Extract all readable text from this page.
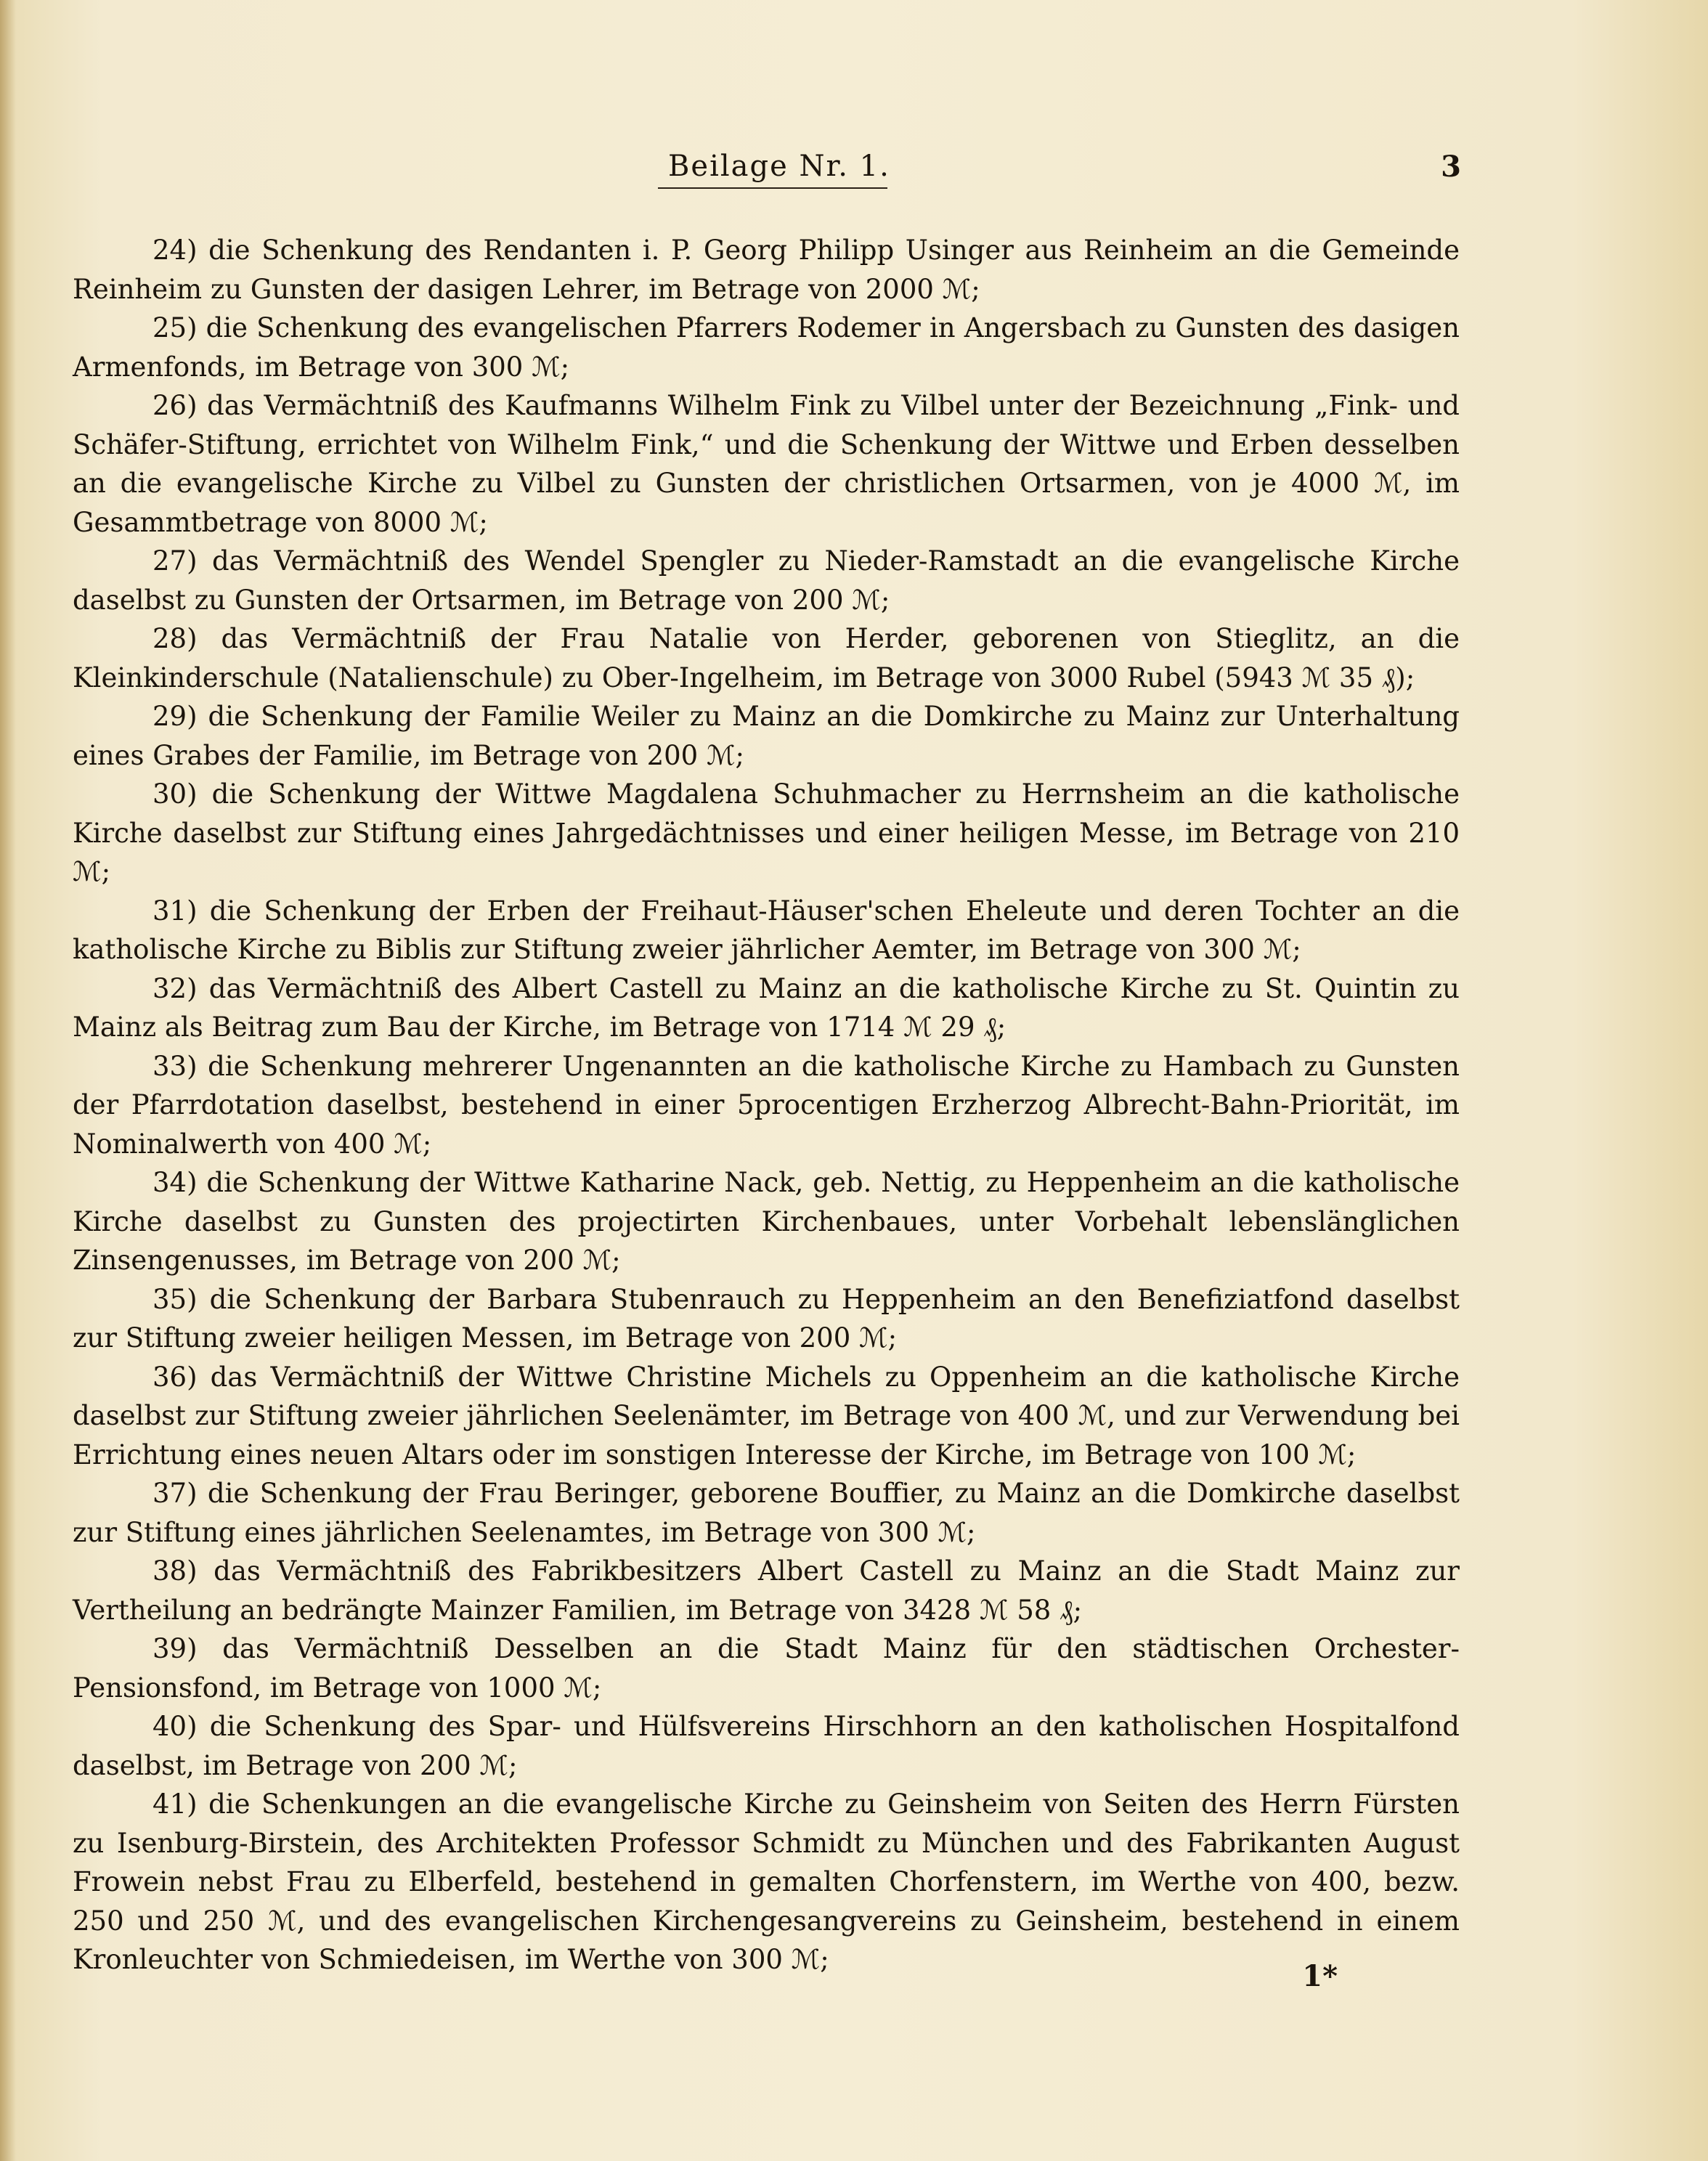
Beilage Nr. 1.	3

24) die Schenkung des Rendanten i. P. Georg Philipp Usinger aus Reinheim an die Gemeinde Reinheim zu Gunsten der dasigen Lehrer, im Betrage von 2000 ℳ;

25) die Schenkung des evangelischen Pfarrers Rodemer in Angersbach zu Gunsten des dasigen Armenfonds, im Betrage von 300 ℳ;

26) das Vermächtniß des Kaufmanns Wilhelm Fink zu Vilbel unter der Bezeichnung „Fink- und Schäfer-Stiftung, errichtet von Wilhelm Fink,“ und die Schenkung der Wittwe und Erben desselben an die evangelische Kirche zu Vilbel zu Gunsten der christlichen Ortsarmen, von je 4000 ℳ, im Gesammtbetrage von 8000 ℳ;

27) das Vermächtniß des Wendel Spengler zu Nieder-Ramstadt an die evangelische Kirche daselbst zu Gunsten der Ortsarmen, im Betrage von 200 ℳ;

28) das Vermächtniß der Frau Natalie von Herder, geborenen von Stieglitz, an die Kleinkinderschule (Natalienschule) zu Ober-Ingelheim, im Betrage von 3000 Rubel (5943 ℳ 35 ₰);

29) die Schenkung der Familie Weiler zu Mainz an die Domkirche zu Mainz zur Unterhaltung eines Grabes der Familie, im Betrage von 200 ℳ;

30) die Schenkung der Wittwe Magdalena Schuhmacher zu Herrnsheim an die katholische Kirche daselbst zur Stiftung eines Jahrgedächtnisses und einer heiligen Messe, im Betrage von 210 ℳ;

31) die Schenkung der Erben der Freihaut-Häuser'schen Eheleute und deren Tochter an die katholische Kirche zu Biblis zur Stiftung zweier jährlicher Aemter, im Betrage von 300 ℳ;

32) das Vermächtniß des Albert Castell zu Mainz an die katholische Kirche zu St. Quintin zu Mainz als Beitrag zum Bau der Kirche, im Betrage von 1714 ℳ 29 ₰;

33) die Schenkung mehrerer Ungenannten an die katholische Kirche zu Hambach zu Gunsten der Pfarrdotation daselbst, bestehend in einer 5procentigen Erzherzog Albrecht-Bahn-Priorität, im Nominalwerth von 400 ℳ;

34) die Schenkung der Wittwe Katharine Nack, geb. Nettig, zu Heppenheim an die katholische Kirche daselbst zu Gunsten des projectirten Kirchenbaues, unter Vorbehalt lebenslänglichen Zinsengenusses, im Betrage von 200 ℳ;

35) die Schenkung der Barbara Stubenrauch zu Heppenheim an den Benefiziatfond daselbst zur Stiftung zweier heiligen Messen, im Betrage von 200 ℳ;

36) das Vermächtniß der Wittwe Christine Michels zu Oppenheim an die katholische Kirche daselbst zur Stiftung zweier jährlichen Seelenämter, im Betrage von 400 ℳ, und zur Verwendung bei Errichtung eines neuen Altars oder im sonstigen Interesse der Kirche, im Betrage von 100 ℳ;

37) die Schenkung der Frau Beringer, geborene Bouffier, zu Mainz an die Domkirche daselbst zur Stiftung eines jährlichen Seelenamtes, im Betrage von 300 ℳ;

38) das Vermächtniß des Fabrikbesitzers Albert Castell zu Mainz an die Stadt Mainz zur Vertheilung an bedrängte Mainzer Familien, im Betrage von 3428 ℳ 58 ₰;

39) das Vermächtniß Desselben an die Stadt Mainz für den städtischen Orchester-Pensionsfond, im Betrage von 1000 ℳ;

40) die Schenkung des Spar- und Hülfsvereins Hirschhorn an den katholischen Hospitalfond daselbst, im Betrage von 200 ℳ;

41) die Schenkungen an die evangelische Kirche zu Geinsheim von Seiten des Herrn Fürsten zu Isenburg-Birstein, des Architekten Professor Schmidt zu München und des Fabrikanten August Frowein nebst Frau zu Elberfeld, bestehend in gemalten Chorfenstern, im Werthe von 400, bezw. 250 und 250 ℳ, und des evangelischen Kirchengesangvereins zu Geinsheim, bestehend in einem Kronleuchter von Schmiedeisen, im Werthe von 300 ℳ;	1*
